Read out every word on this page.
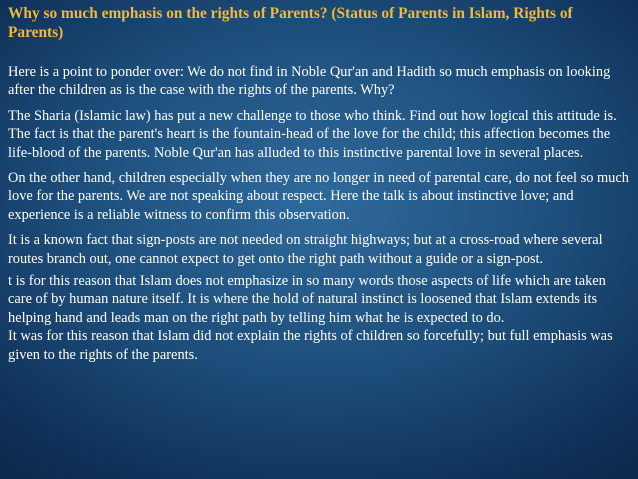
Why so much emphasis on the rights of Parents? (Status of Parents in Islam, Rights of Parents)

Here is a point to ponder over: We do not find in Noble Qur'an and Hadith so much emphasis on looking after the children as is the case with the rights of the parents. Why?

The Sharia (Islamic law) has put a new challenge to those who think. Find out how logical this attitude is. The fact is that the parent's heart is the fountain-head of the love for the child; this affection becomes the life-blood of the parents. Noble Qur'an has alluded to this instinctive parental love in several places.

On the other hand, children especially when they are no longer in need of parental care, do not feel so much love for the parents. We are not speaking about respect. Here the talk is about instinctive love; and experience is a reliable witness to confirm this observation.

It is a known fact that sign-posts are not needed on straight highways; but at a cross-road where several routes branch out, one cannot expect to get onto the right path without a guide or a sign-post.

t is for this reason that Islam does not emphasize in so many words those aspects of life which are taken care of by human nature itself. It is where the hold of natural instinct is loosened that Islam extends its helping hand and leads man on the right path by telling him what he is expected to do.

It was for this reason that Islam did not explain the rights of children so forcefully; but full emphasis was given to the rights of the parents.
